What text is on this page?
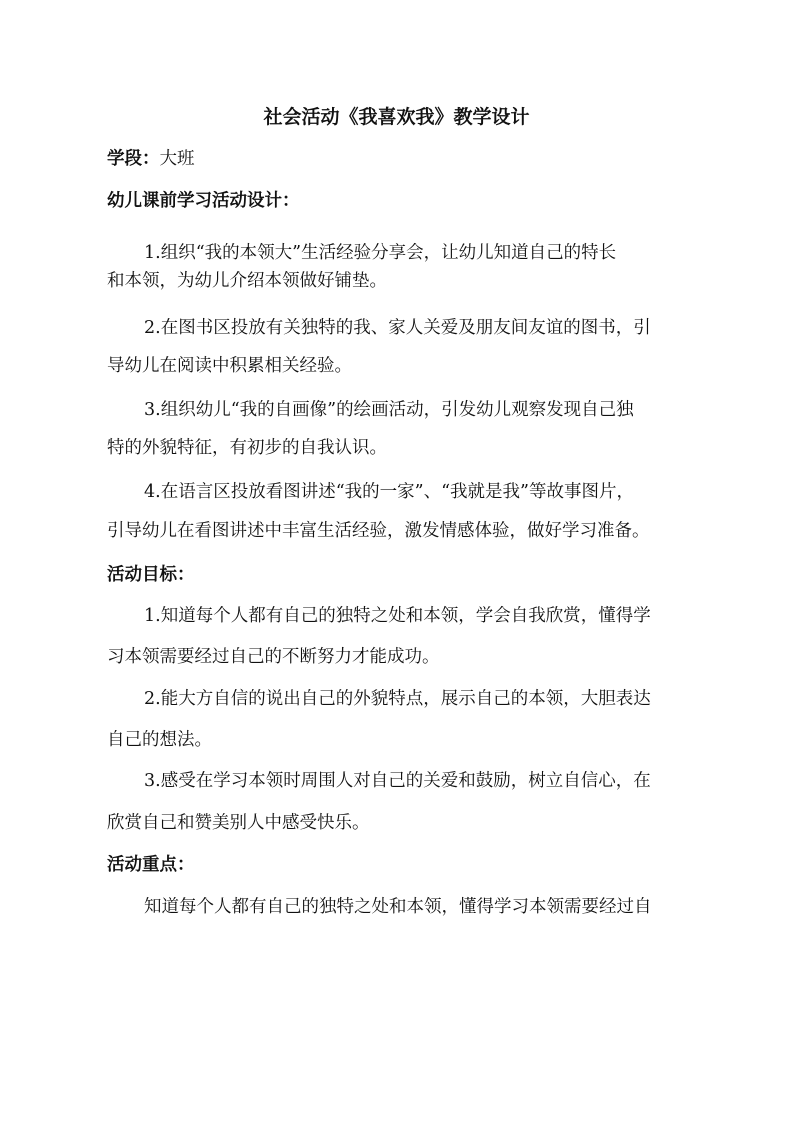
社会活动《我喜欢我》教学设计
学段：大班
幼儿课前学习活动设计：
1.组织“我的本领大”生活经验分享会，让幼儿知道自己的特长
和本领，为幼儿介绍本领做好铺垫。
2.在图书区投放有关独特的我、家人关爱及朋友间友谊的图书，引
导幼儿在阅读中积累相关经验。
3.组织幼儿“我的自画像”的绘画活动，引发幼儿观察发现自己独
特的外貌特征，有初步的自我认识。
4.在语言区投放看图讲述“我的一家”、“我就是我”等故事图片，
引导幼儿在看图讲述中丰富生活经验，激发情感体验，做好学习准备。
活动目标：
1.知道每个人都有自己的独特之处和本领，学会自我欣赏，懂得学
习本领需要经过自己的不断努力才能成功。
2.能大方自信的说出自己的外貌特点，展示自己的本领，大胆表达
自己的想法。
3.感受在学习本领时周围人对自己的关爱和鼓励，树立自信心，在
欣赏自己和赞美别人中感受快乐。
活动重点：
知道每个人都有自己的独特之处和本领，懂得学习本领需要经过自
